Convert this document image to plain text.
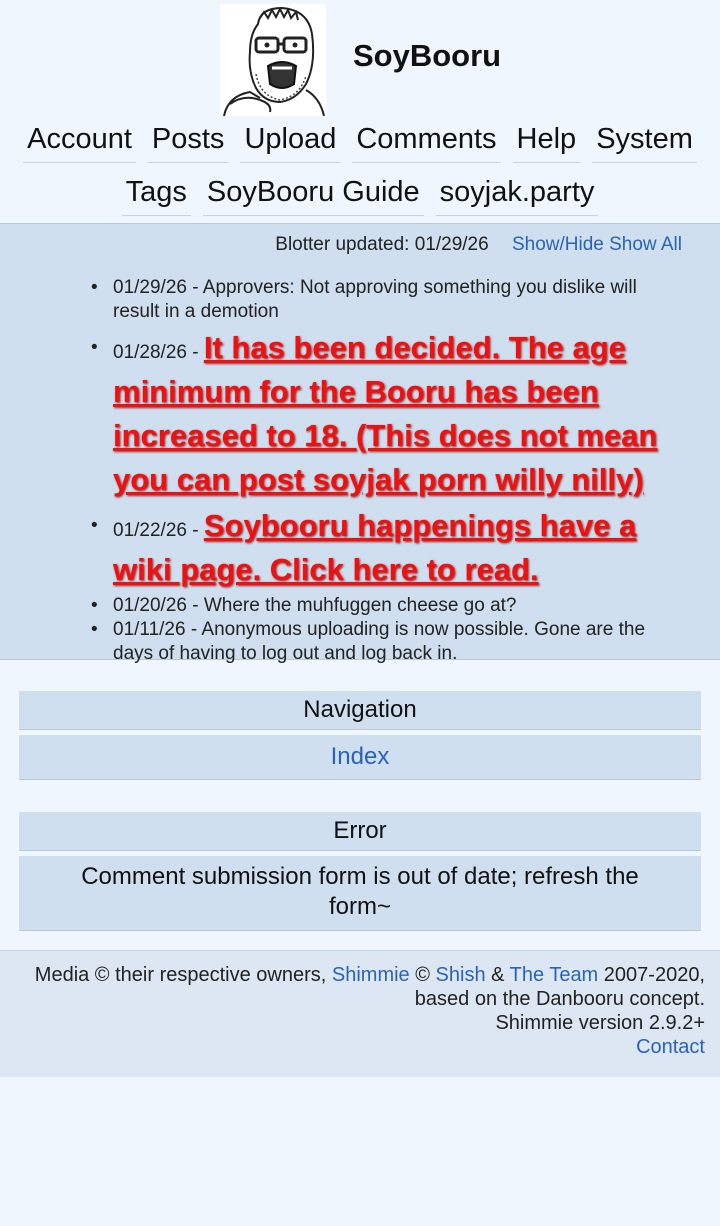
SoyBooru
Account Posts Upload Comments Help System
Tags SoyBooru Guide soyjak.party
Blotter updated: 01/29/26 Show/Hide Show All
• 01/29/26 - Approvers: Not approving something you dislike will result in a demotion
• 01/28/26 - It has been decided. The age minimum for the Booru has been increased to 18. (This does not mean you can post soyjak porn willy nilly)
• 01/22/26 - Soybooru happenings have a wiki page. Click here to read.
• 01/20/26 - Where the muhfuggen cheese go at?
• 01/11/26 - Anonymous uploading is now possible. Gone are the days of having to log out and log back in.
Navigation
Index
Error
Comment submission form is out of date; refresh the form~
Media © their respective owners, Shimmie © Shish & The Team 2007-2020, based on the Danbooru concept.
Shimmie version 2.9.2+
Contact
